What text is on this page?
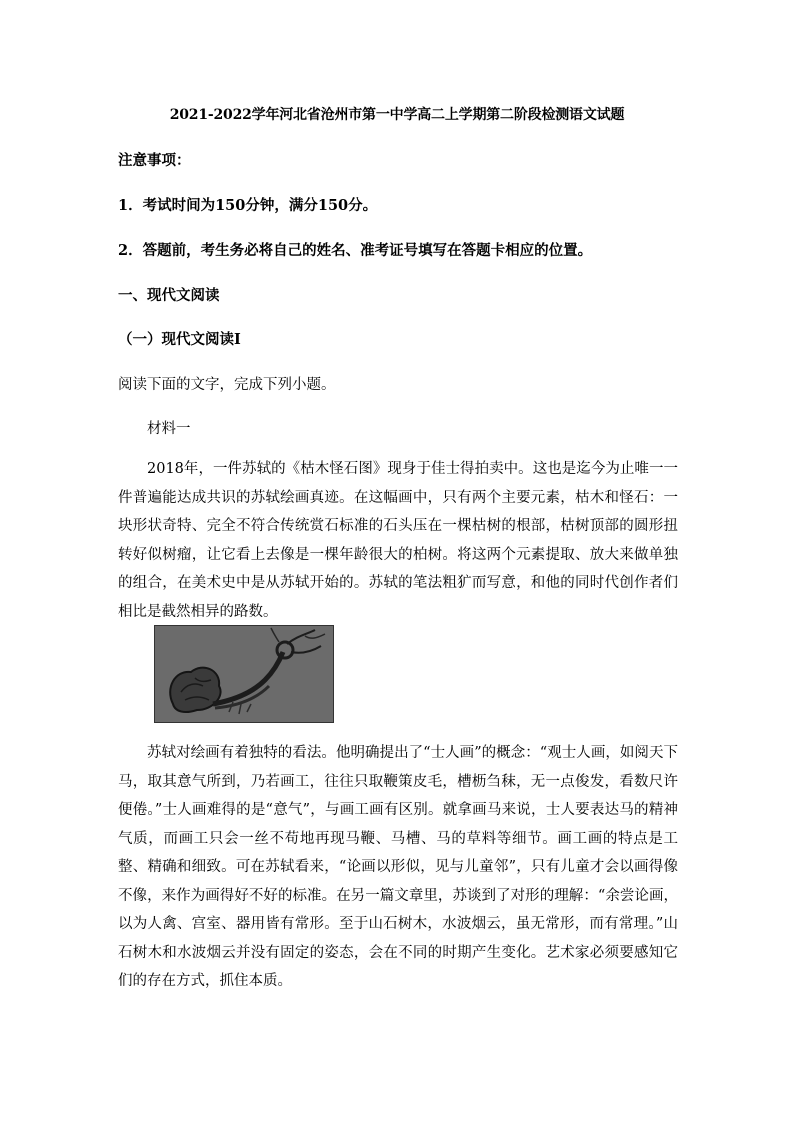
2021-2022学年河北省沧州市第一中学高二上学期第二阶段检测语文试题
注意事项：
1．考试时间为150分钟，满分150分。
2．答题前，考生务必将自己的姓名、准考证号填写在答题卡相应的位置。
一、现代文阅读
（一）现代文阅读Ⅰ
阅读下面的文字，完成下列小题。
材料一

2018年，一件苏轼的《枯木怪石图》现身于佳士得拍卖中。这也是迄今为止唯一一件普遍能达成共识的苏轼绘画真迹。在这幅画中，只有两个主要元素，枯木和怪石：一块形状奇特、完全不符合传统赏石标准的石头压在一棵枯树的根部，枯树顶部的圆形扭转好似树瘤，让它看上去像是一棵年龄很大的柏树。将这两个元素提取、放大来做单独的组合，在美术史中是从苏轼开始的。苏轼的笔法粗犷而写意，和他的同时代创作者们相比是截然相异的路数。

苏轼对绘画有着独特的看法。他明确提出了“士人画”的概念：“观士人画，如阅天下马，取其意气所到，乃若画工，往往只取鞭策皮毛，槽枥刍秣，无一点俊发，看数尺许便倦。”士人画难得的是“意气”，与画工画有区别。就拿画马来说，士人要表达马的精神气质，而画工只会一丝不苟地再现马鞭、马槽、马的草料等细节。画工画的特点是工整、精确和细致。可在苏轼看来，“论画以形似，见与儿童邻”，只有儿童才会以画得像不像，来作为画得好不好的标准。在另一篇文章里，苏谈到了对形的理解：“余尝论画，以为人禽、宫室、器用皆有常形。至于山石树木，水波烟云，虽无常形，而有常理。”山石树木和水波烟云并没有固定的姿态，会在不同的时期产生变化。艺术家必须要感知它们的存在方式，抓住本质。
